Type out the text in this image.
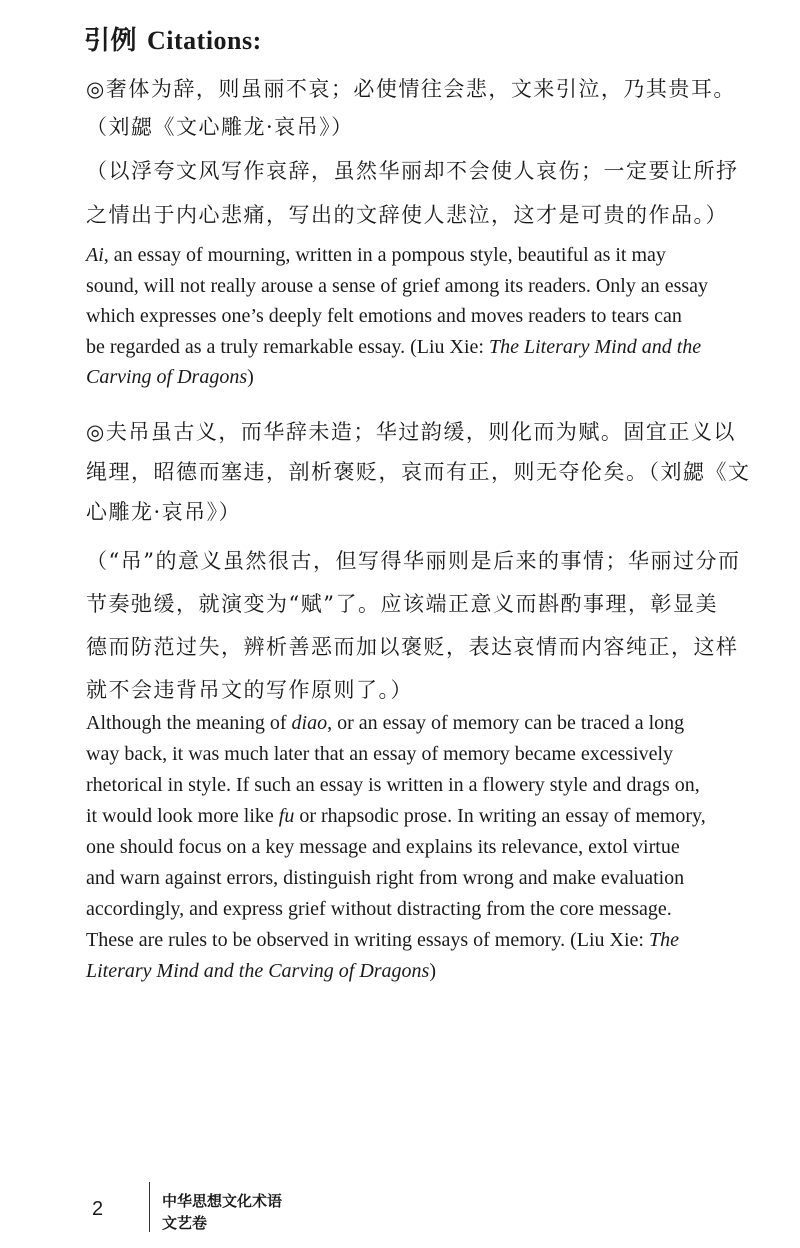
引例 Citations:

◎奢体为辞，则虽丽不哀；必使情往会悲，文来引泣，乃其贵耳。
（刘勰《文心雕龙·哀吊》）

（以浮夸文风写作哀辞，虽然华丽却不会使人哀伤；一定要让所抒
之情出于内心悲痛，写出的文辞使人悲泣，这才是可贵的作品。）

Ai, an essay of mourning, written in a pompous style, beautiful as it may
sound, will not really arouse a sense of grief among its readers. Only an essay
which expresses one’s deeply felt emotions and moves readers to tears can
be regarded as a truly remarkable essay. (Liu Xie: The Literary Mind and the
Carving of Dragons)

◎夫吊虽古义，而华辞未造；华过韵缓，则化而为赋。固宜正义以
绳理，昭德而塞违，剖析褒贬，哀而有正，则无夺伦矣。（刘勰《文
心雕龙·哀吊》）

（“吊”的意义虽然很古，但写得华丽则是后来的事情；华丽过分而
节奏弛缓，就演变为“赋”了。应该端正意义而斟酌事理，彰显美
德而防范过失，辨析善恶而加以褒贬，表达哀情而内容纯正，这样
就不会违背吊文的写作原则了。）

Although the meaning of diao, or an essay of memory can be traced a long
way back, it was much later that an essay of memory became excessively
rhetorical in style. If such an essay is written in a flowery style and drags on,
it would look more like fu or rhapsodic prose. In writing an essay of memory,
one should focus on a key message and explains its relevance, extol virtue
and warn against errors, distinguish right from wrong and make evaluation
accordingly, and express grief without distracting from the core message.
These are rules to be observed in writing essays of memory. (Liu Xie: The
Literary Mind and the Carving of Dragons)

2	中华思想文化术语
文艺卷
